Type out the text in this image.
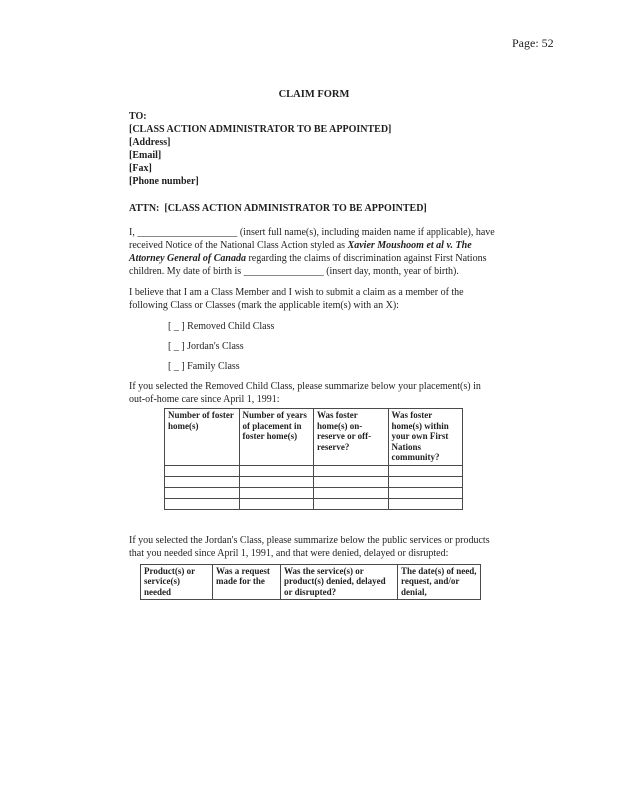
Page: 52
CLAIM FORM
TO:
[CLASS ACTION ADMINISTRATOR TO BE APPOINTED]
[Address]
[Email]
[Fax]
[Phone number]
ATTN:  [CLASS ACTION ADMINISTRATOR TO BE APPOINTED]
I, ____________________ (insert full name(s), including maiden name if applicable), have received Notice of the National Class Action styled as Xavier Moushoom et al v. The Attorney General of Canada regarding the claims of discrimination against First Nations children. My date of birth is ________________ (insert day, month, year of birth).
I believe that I am a Class Member and I wish to submit a claim as a member of the following Class or Classes (mark the applicable item(s) with an X):
[ _ ] Removed Child Class
[ _ ] Jordan's Class
[ _ ] Family Class
If you selected the Removed Child Class, please summarize below your placement(s) in out-of-home care since April 1, 1991:
Number of foster home(s)	Number of years of placement in foster home(s)	Was foster home(s) on-reserve or off-reserve?	Was foster home(s) within your own First Nations community?

If you selected the Jordan's Class, please summarize below the public services or products that you needed since April 1, 1991, and that were denied, delayed or disrupted:
Product(s) or service(s) needed	Was a request made for the	Was the service(s) or product(s) denied, delayed or disrupted?	The date(s) of need, request, and/or denial,
